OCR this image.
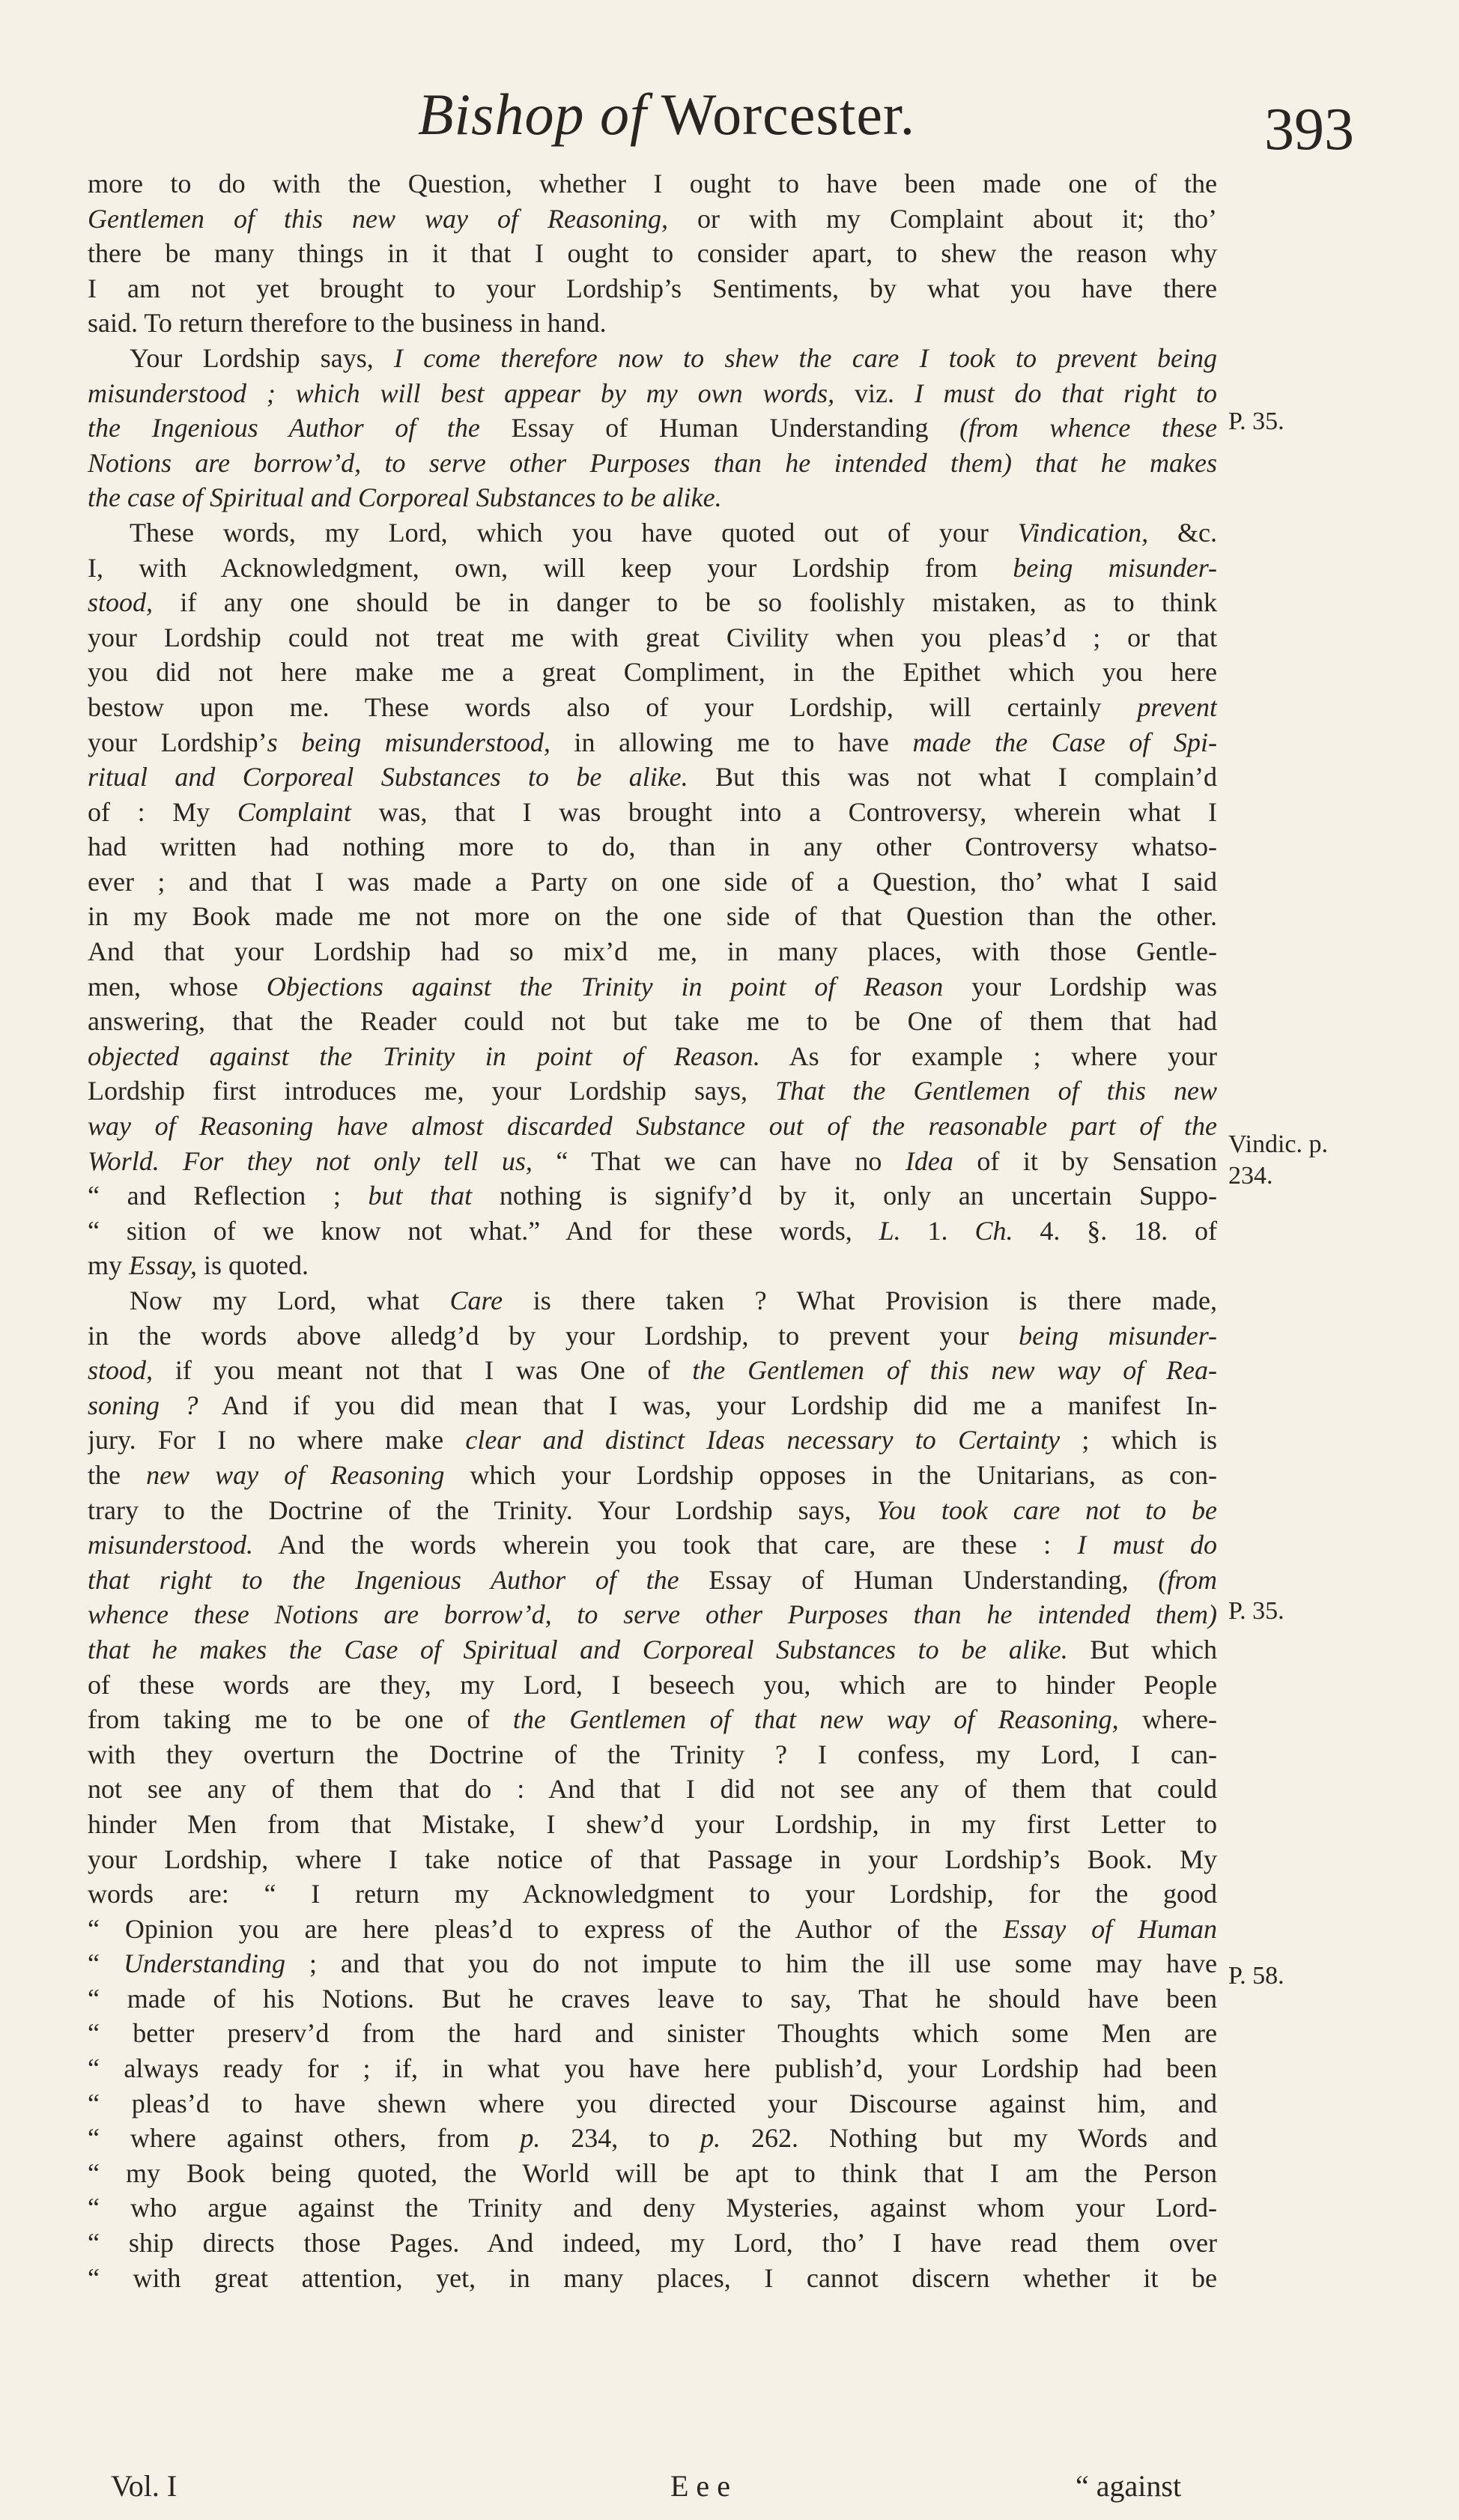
Bishop of Worcester.	393
more to do with the Question, whether I ought to have been made one of the
Gentlemen of this new way of Reasoning, or with my Complaint about it; tho’
there be many things in it that I ought to consider apart, to shew the reason why
I am not yet brought to your Lordship’s Sentiments, by what you have there
said. To return therefore to the business in hand.
Your Lordship says, I come therefore now to shew the care I took to prevent being
misunderstood ; which will best appear by my own words, viz. I must do that right to
the Ingenious Author of the Essay of Human Understanding (from whence these
Notions are borrow’d, to serve other Purposes than he intended them) that he makes
the case of Spiritual and Corporeal Substances to be alike.
These words, my Lord, which you have quoted out of your Vindication, &c.
I, with Acknowledgment, own, will keep your Lordship from being misunder-
stood, if any one should be in danger to be so foolishly mistaken, as to think
your Lordship could not treat me with great Civility when you pleas’d ; or that
you did not here make me a great Compliment, in the Epithet which you here
bestow upon me. These words also of your Lordship, will certainly prevent
your Lordship’s being misunderstood, in allowing me to have made the Case of Spi-
ritual and Corporeal Substances to be alike. But this was not what I complain’d
of : My Complaint was, that I was brought into a Controversy, wherein what I
had written had nothing more to do, than in any other Controversy whatso-
ever ; and that I was made a Party on one side of a Question, tho’ what I said
in my Book made me not more on the one side of that Question than the other.
And that your Lordship had so mix’d me, in many places, with those Gentle-
men, whose Objections against the Trinity in point of Reason your Lordship was
answering, that the Reader could not but take me to be One of them that had
objected against the Trinity in point of Reason. As for example ; where your
Lordship first introduces me, your Lordship says, That the Gentlemen of this new
way of Reasoning have almost discarded Substance out of the reasonable part of the
World. For they not only tell us, “ That we can have no Idea of it by Sensation
“ and Reflection ; but that nothing is signify’d by it, only an uncertain Suppo-
“ sition of we know not what.” And for these words, L. 1. Ch. 4. §. 18. of
my Essay, is quoted.
Now my Lord, what Care is there taken ? What Provision is there made,
in the words above alledg’d by your Lordship, to prevent your being misunder-
stood, if you meant not that I was One of the Gentlemen of this new way of Rea-
soning ? And if you did mean that I was, your Lordship did me a manifest In-
jury. For I no where make clear and distinct Ideas necessary to Certainty ; which is
the new way of Reasoning which your Lordship opposes in the Unitarians, as con-
trary to the Doctrine of the Trinity. Your Lordship says, You took care not to be
misunderstood. And the words wherein you took that care, are these : I must do
that right to the Ingenious Author of the Essay of Human Understanding, (from
whence these Notions are borrow’d, to serve other Purposes than he intended them)
that he makes the Case of Spiritual and Corporeal Substances to be alike. But which
of these words are they, my Lord, I beseech you, which are to hinder People
from taking me to be one of the Gentlemen of that new way of Reasoning, where-
with they overturn the Doctrine of the Trinity ? I confess, my Lord, I can-
not see any of them that do : And that I did not see any of them that could
hinder Men from that Mistake, I shew’d your Lordship, in my first Letter to
your Lordship, where I take notice of that Passage in your Lordship’s Book. My
words are: “ I return my Acknowledgment to your Lordship, for the good
“ Opinion you are here pleas’d to express of the Author of the Essay of Human
“ Understanding ; and that you do not impute to him the ill use some may have
“ made of his Notions. But he craves leave to say, That he should have been
“ better preserv’d from the hard and sinister Thoughts which some Men are
“ always ready for ; if, in what you have here publish’d, your Lordship had been
“ pleas’d to have shewn where you directed your Discourse against him, and
“ where against others, from p. 234, to p. 262. Nothing but my Words and
“ my Book being quoted, the World will be apt to think that I am the Person
“ who argue against the Trinity and deny Mysteries, against whom your Lord-
“ ship directs those Pages. And indeed, my Lord, tho’ I have read them over
“ with great attention, yet, in many places, I cannot discern whether it be
P. 35.
Vindic. p.
234.
P. 35.
P. 58.
Vol. I	E e e	“ against
